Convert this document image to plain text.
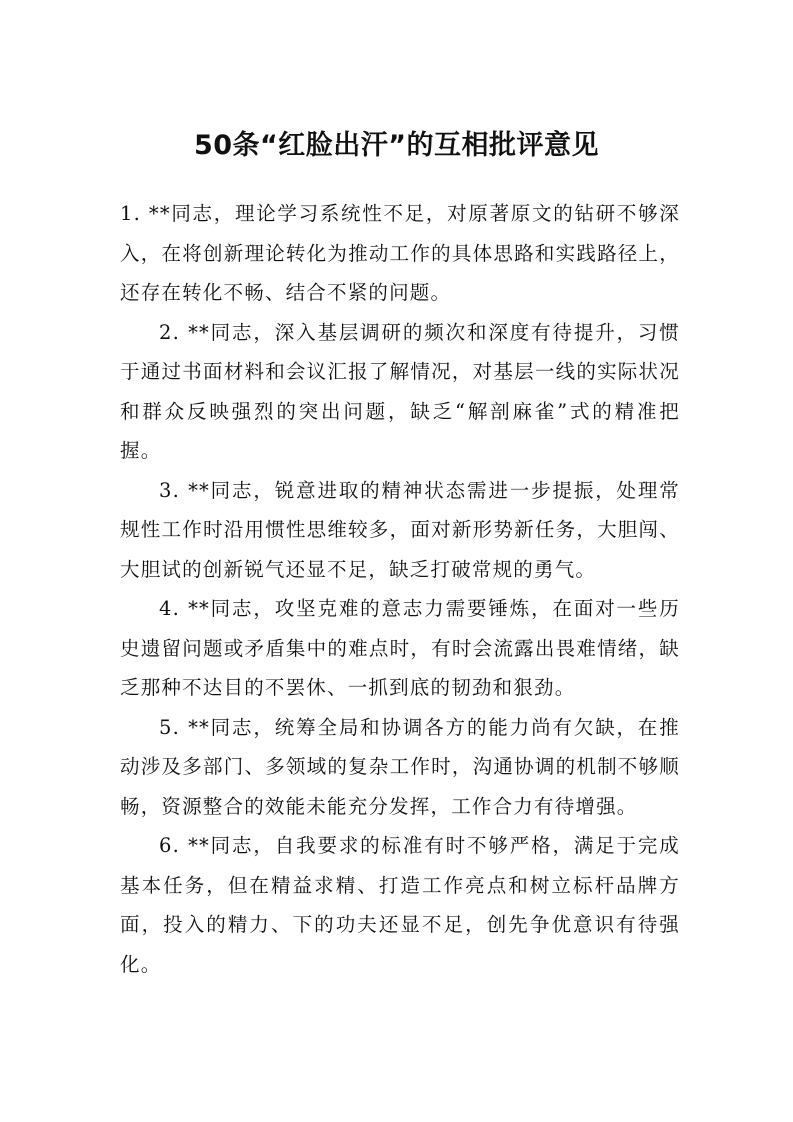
50条“红脸出汗”的互相批评意见

1. **同志，理论学习系统性不足，对原著原文的钻研不够深入，在将创新理论转化为推动工作的具体思路和实践路径上，还存在转化不畅、结合不紧的问题。

2. **同志，深入基层调研的频次和深度有待提升，习惯于通过书面材料和会议汇报了解情况，对基层一线的实际状况和群众反映强烈的突出问题，缺乏“解剖麻雀”式的精准把握。

3. **同志，锐意进取的精神状态需进一步提振，处理常规性工作时沿用惯性思维较多，面对新形势新任务，大胆闯、大胆试的创新锐气还显不足，缺乏打破常规的勇气。

4. **同志，攻坚克难的意志力需要锤炼，在面对一些历史遗留问题或矛盾集中的难点时，有时会流露出畏难情绪，缺乏那种不达目的不罢休、一抓到底的韧劲和狠劲。

5. **同志，统筹全局和协调各方的能力尚有欠缺，在推动涉及多部门、多领域的复杂工作时，沟通协调的机制不够顺畅，资源整合的效能未能充分发挥，工作合力有待增强。

6. **同志，自我要求的标准有时不够严格，满足于完成基本任务，但在精益求精、打造工作亮点和树立标杆品牌方面，投入的精力、下的功夫还显不足，创先争优意识有待强化。
